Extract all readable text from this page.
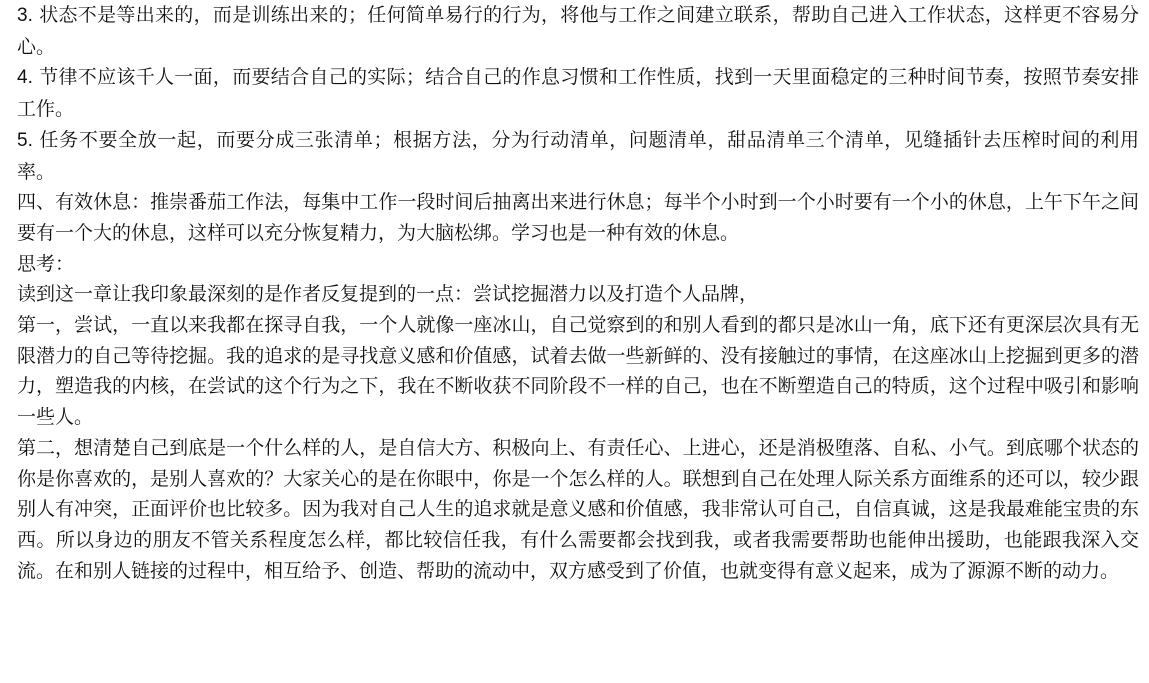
3. 状态不是等出来的，而是训练出来的；任何简单易行的行为，将他与工作之间建立联系，帮助自己进入工作状态，这样更不容易分心。

4. 节律不应该千人一面，而要结合自己的实际；结合自己的作息习惯和工作性质，找到一天里面稳定的三种时间节奏，按照节奏安排工作。

5. 任务不要全放一起，而要分成三张清单；根据方法，分为行动清单，问题清单，甜品清单三个清单，见缝插针去压榨时间的利用率。

四、有效休息：推崇番茄工作法，每集中工作一段时间后抽离出来进行休息；每半个小时到一个小时要有一个小的休息，上午下午之间要有一个大的休息，这样可以充分恢复精力，为大脑松绑。学习也是一种有效的休息。

思考：

读到这一章让我印象最深刻的是作者反复提到的一点：尝试挖掘潜力以及打造个人品牌，

第一，尝试，一直以来我都在探寻自我，一个人就像一座冰山，自己觉察到的和别人看到的都只是冰山一角，底下还有更深层次具有无限潜力的自己等待挖掘。我的追求的是寻找意义感和价值感，试着去做一些新鲜的、没有接触过的事情，在这座冰山上挖掘到更多的潜力，塑造我的内核，在尝试的这个行为之下，我在不断收获不同阶段不一样的自己，也在不断塑造自己的特质，这个过程中吸引和影响一些人。

第二，想清楚自己到底是一个什么样的人，是自信大方、积极向上、有责任心、上进心，还是消极堕落、自私、小气。到底哪个状态的你是你喜欢的，是别人喜欢的？大家关心的是在你眼中，你是一个怎么样的人。联想到自己在处理人际关系方面维系的还可以，较少跟别人有冲突，正面评价也比较多。因为我对自己人生的追求就是意义感和价值感，我非常认可自己，自信真诚，这是我最难能宝贵的东西。所以身边的朋友不管关系程度怎么样，都比较信任我，有什么需要都会找到我，或者我需要帮助也能伸出援助，也能跟我深入交流。在和别人链接的过程中，相互给予、创造、帮助的流动中，双方感受到了价值，也就变得有意义起来，成为了源源不断的动力。
